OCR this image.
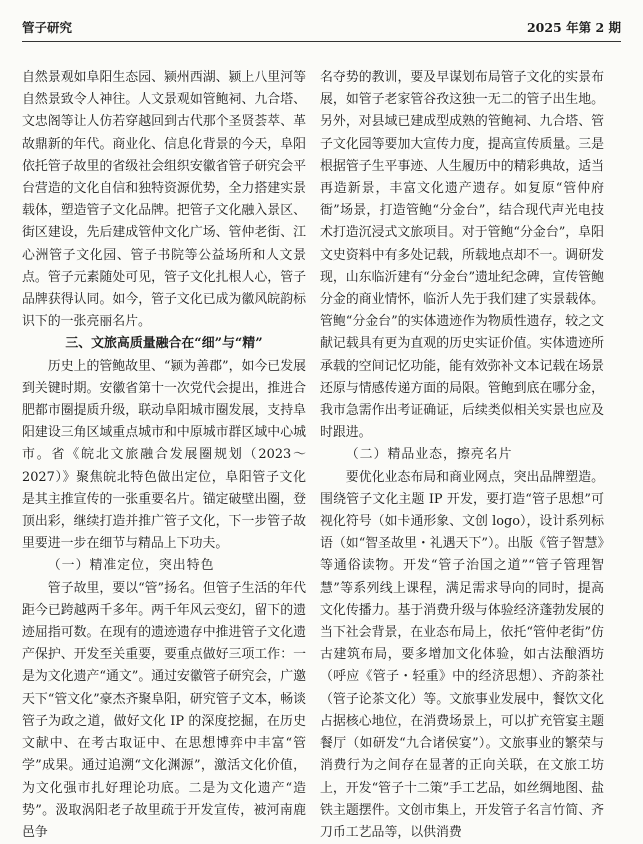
管子研究	2025 年第 2 期

自然景观如阜阳生态园、颍州西湖、颍上八里河等自然景致令人神往。人文景观如管鲍祠、九合塔、文忠阁等让人仿若穿越回到古代那个圣贤荟萃、革故鼎新的年代。商业化、信息化背景的今天，阜阳依托管子故里的省级社会组织安徽省管子研究会平台营造的文化自信和独特资源优势，全力搭建实景载体，塑造管子文化品牌。把管子文化融入景区、街区建设，先后建成管仲文化广场、管仲老街、江心洲管子文化园、管子书院等公益场所和人文景点。管子元素随处可见，管子文化扎根人心，管子品牌获得认同。如今，管子文化已成为徽风皖韵标识下的一张亮丽名片。

三、文旅高质量融合在“细”与“精”

历史上的管鲍故里、“颍为善郡”，如今已发展到关键时期。安徽省第十一次党代会提出，推进合肥都市圈提质升级，联动阜阳城市圈发展，支持阜阳建设三角区域重点城市和中原城市群区域中心城市。省《皖北文旅融合发展圈规划（2023～2027）》聚焦皖北特色做出定位，阜阳管子文化是其主推宣传的一张重要名片。锚定破壁出圈，登顶出彩，继续打造并推广管子文化，下一步管子故里要进一步在细节与精品上下功夫。

（一）精准定位，突出特色

管子故里，要以“管”扬名。但管子生活的年代距今已跨越两千多年。两千年风云变幻，留下的遗迹屈指可数。在现有的遗迹遗存中推进管子文化遗产保护、开发至关重要，要重点做好三项工作：一是为文化遗产“通文”。通过安徽管子研究会，广邀天下“管文化”豪杰齐聚阜阳，研究管子文本，畅谈管子为政之道，做好文化 IP 的深度挖掘，在历史文献中、在考古取证中、在思想博弈中丰富“管学”成果。通过追溯“文化渊源”，激活文化价值，为文化强市扎好理论功底。二是为文化遗产“造势”。汲取涡阳老子故里疏于开发宣传，被河南鹿邑争

名夺势的教训，要及早谋划布局管子文化的实景布展，如管子老家管谷孜这独一无二的管子出生地。另外，对县域已建成型成熟的管鲍祠、九合塔、管子文化园等要加大宣传力度，提高宣传质量。三是根据管子生平事迹、人生履历中的精彩典故，适当再造新景，丰富文化遗产遗存。如复原“管仲府衙”场景，打造管鲍“分金台”，结合现代声光电技术打造沉浸式文旅项目。对于管鲍“分金台”，阜阳文史资料中有多处记载，所载地点却不一。调研发现，山东临沂建有“分金台”遗址纪念碑，宣传管鲍分金的商业情怀，临沂人先于我们建了实景载体。管鲍“分金台”的实体遗迹作为物质性遗存，较之文献记载具有更为直观的历史实证价值。实体遗迹所承载的空间记忆功能，能有效弥补文本记载在场景还原与情感传递方面的局限。管鲍到底在哪分金，我市急需作出考证确证，后续类似相关实景也应及时跟进。

（二）精品业态，擦亮名片

要优化业态布局和商业网点，突出品牌塑造。围绕管子文化主题 IP 开发，要打造“管子思想”可视化符号（如卡通形象、文创 logo），设计系列标语（如“智圣故里・礼遇天下”）。出版《管子智慧》等通俗读物。开发“管子治国之道”“管子管理智慧”等系列线上课程，满足需求导向的同时，提高文化传播力。基于消费升级与体验经济蓬勃发展的当下社会背景，在业态布局上，依托“管仲老街”仿古建筑布局，要多增加文化体验，如古法酿酒坊（呼应《管子・轻重》中的经济思想）、齐韵茶社（管子论茶文化）等。文旅事业发展中，餐饮文化占据核心地位，在消费场景上，可以扩充管宴主题餐厅（如研发“九合诸侯宴”）。文旅事业的繁荣与消费行为之间存在显著的正向关联，在文旅工坊上，开发“管子十二策”手工艺品，如丝绸地图、盐铁主题摆件。文创市集上，开发管子名言竹简、齐刀币工艺品等，以供消费
